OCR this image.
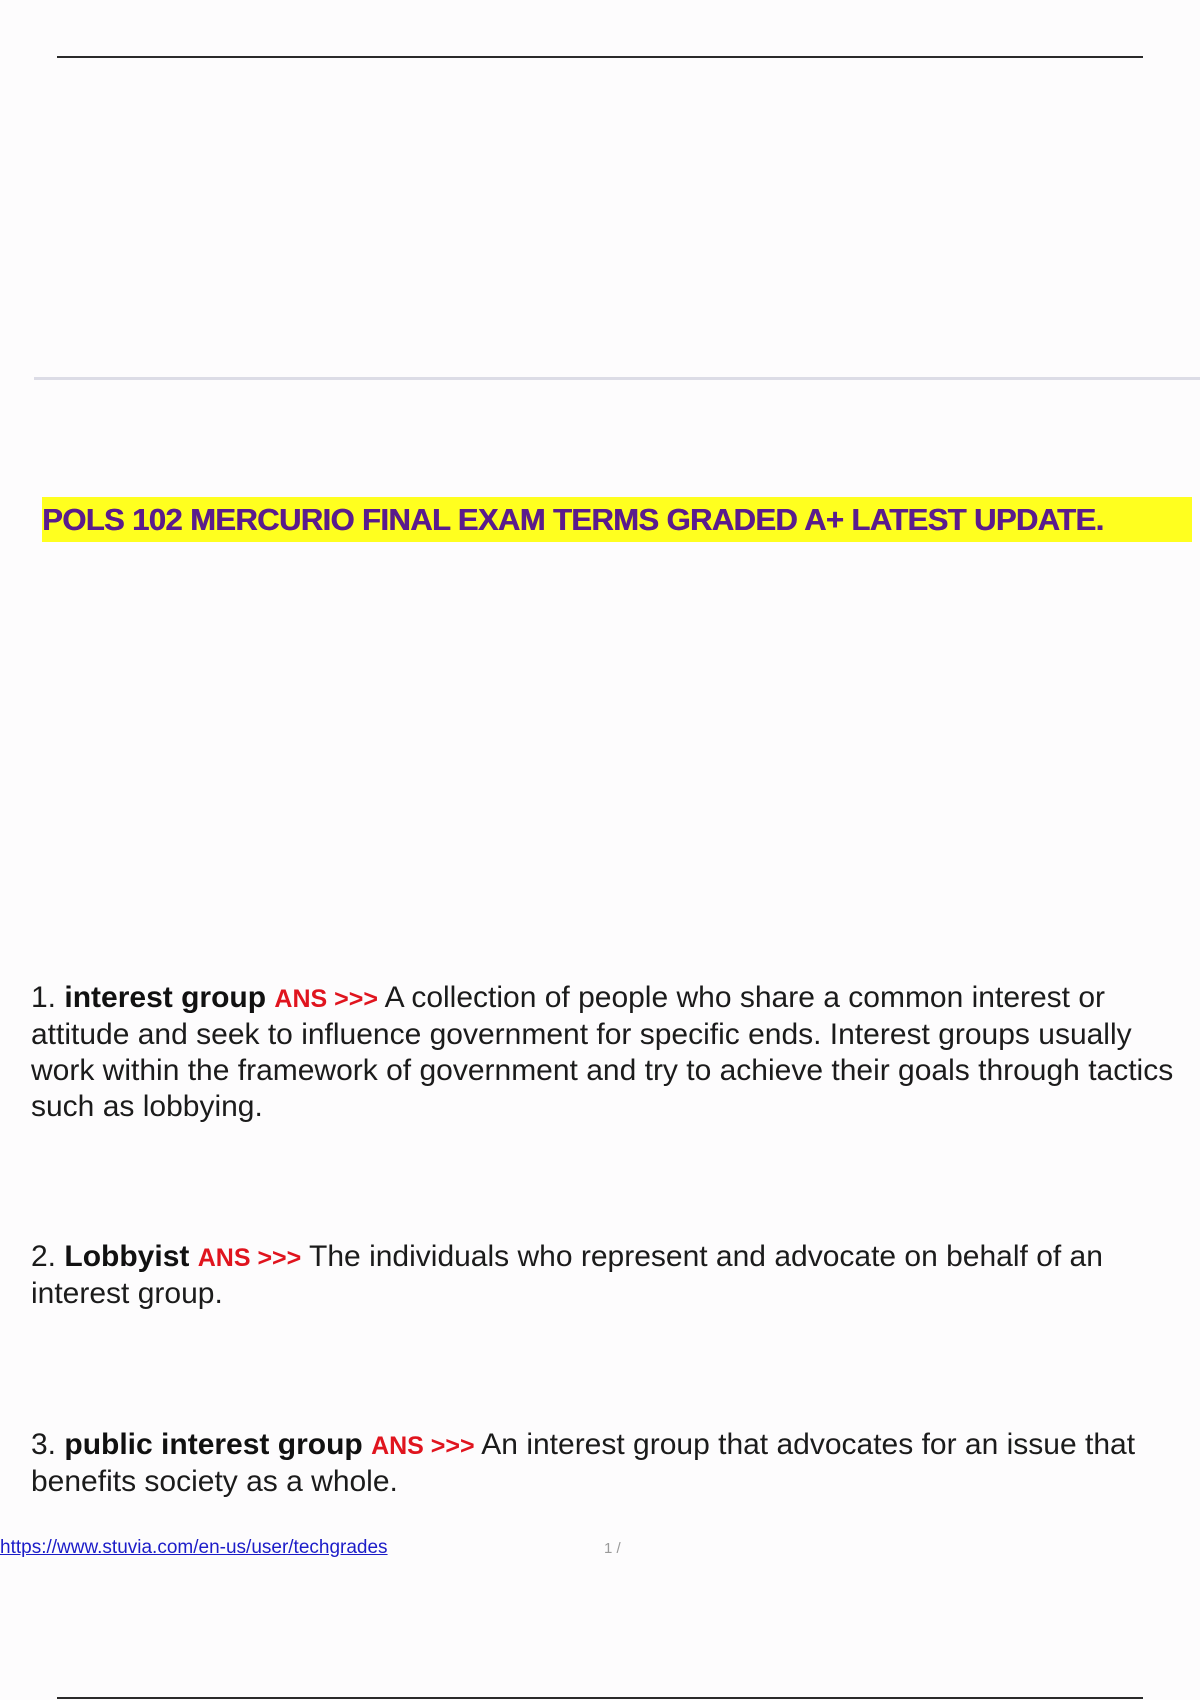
POLS 102 MERCURIO FINAL EXAM TERMS GRADED A+ LATEST UPDATE.

1. interest group ANS >>> A collection of people who share a common interest or attitude and seek to influence government for specific ends. Interest groups usually work within the framework of government and try to achieve their goals through tactics such as lobbying.

2. Lobbyist ANS >>> The individuals who represent and advocate on behalf of an interest group.

3. public interest group ANS >>> An interest group that advocates for an issue that benefits society as a whole.

https://www.stuvia.com/en-us/user/techgrades	1 /
